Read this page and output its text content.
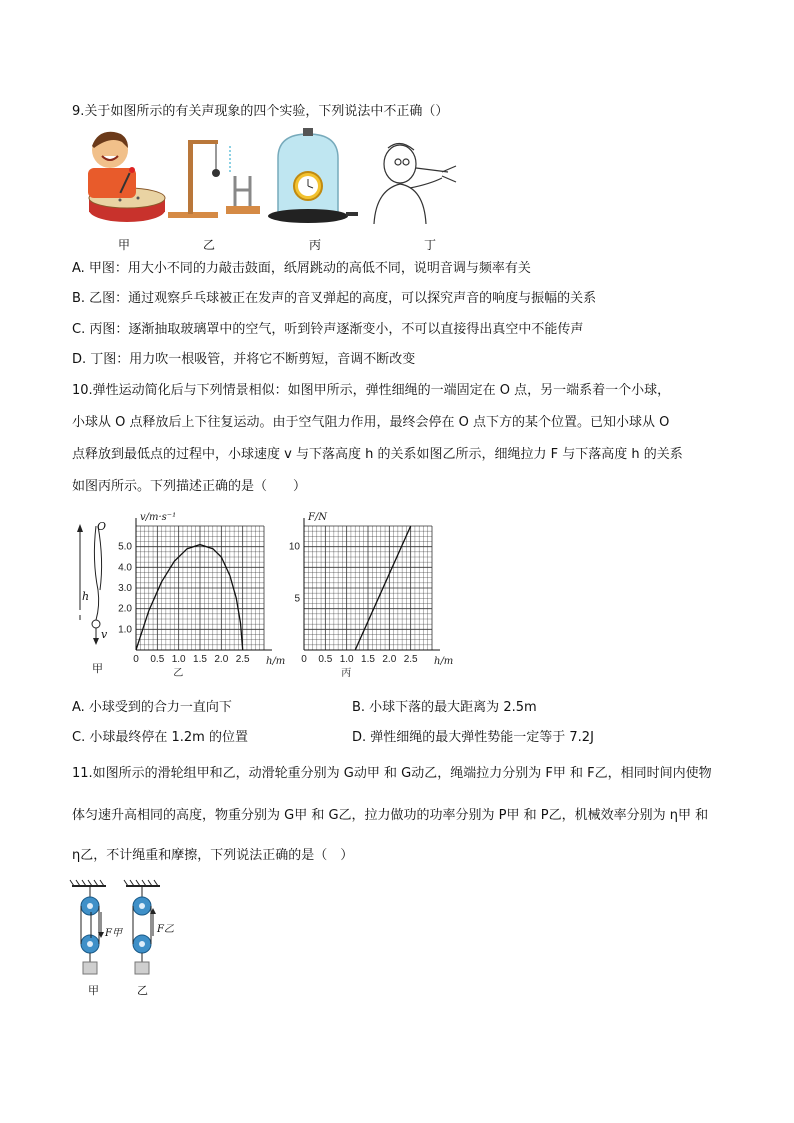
9.关于如图所示的有关声现象的四个实验，下列说法中不正确（）
甲	乙	丙	丁
A. 甲图：用大小不同的力敲击鼓面，纸屑跳动的高低不同，说明音调与频率有关
B. 乙图：通过观察乒乓球被正在发声的音叉弹起的高度，可以探究声音的响度与振幅的关系
C. 丙图：逐渐抽取玻璃罩中的空气，听到铃声逐渐变小，不可以直接得出真空中不能传声
D. 丁图：用力吹一根吸管，并将它不断剪短，音调不断改变
10.弹性运动简化后与下列情景相似：如图甲所示，弹性细绳的一端固定在 O 点，另一端系着一个小球，
小球从 O 点释放后上下往复运动。由于空气阻力作用，最终会停在 O 点下方的某个位置。已知小球从 O
点释放到最低点的过程中，小球速度 v 与下落高度 h 的关系如图乙所示，细绳拉力 F 与下落高度 h 的关系
如图丙所示。下列描述正确的是（　　）
O
h
v
甲
0 0.5 1.0 1.5 2.0 2.5
1.0
2.0
3.0
4.0
5.0
h/m
v/m·s⁻¹
乙
0 0.5 1.0 1.5 2.0 2.5
5
10
h/m
F/N
丙
A. 小球受到的合力一直向下	B. 小球下落的最大距离为 2.5m
C. 小球最终停在 1.2m 的位置	D. 弹性细绳的最大弹性势能一定等于 7.2J
11.如图所示的滑轮组甲和乙，动滑轮重分别为 G动甲 和 G动乙，绳端拉力分别为 F甲 和 F乙，相同时间内使物
体匀速升高相同的高度，物重分别为 G甲 和 G乙，拉力做功的功率分别为 P甲 和 P乙，机械效率分别为 η甲 和
η乙，不计绳重和摩擦，下列说法正确的是（　）
F甲	F乙
甲	乙
